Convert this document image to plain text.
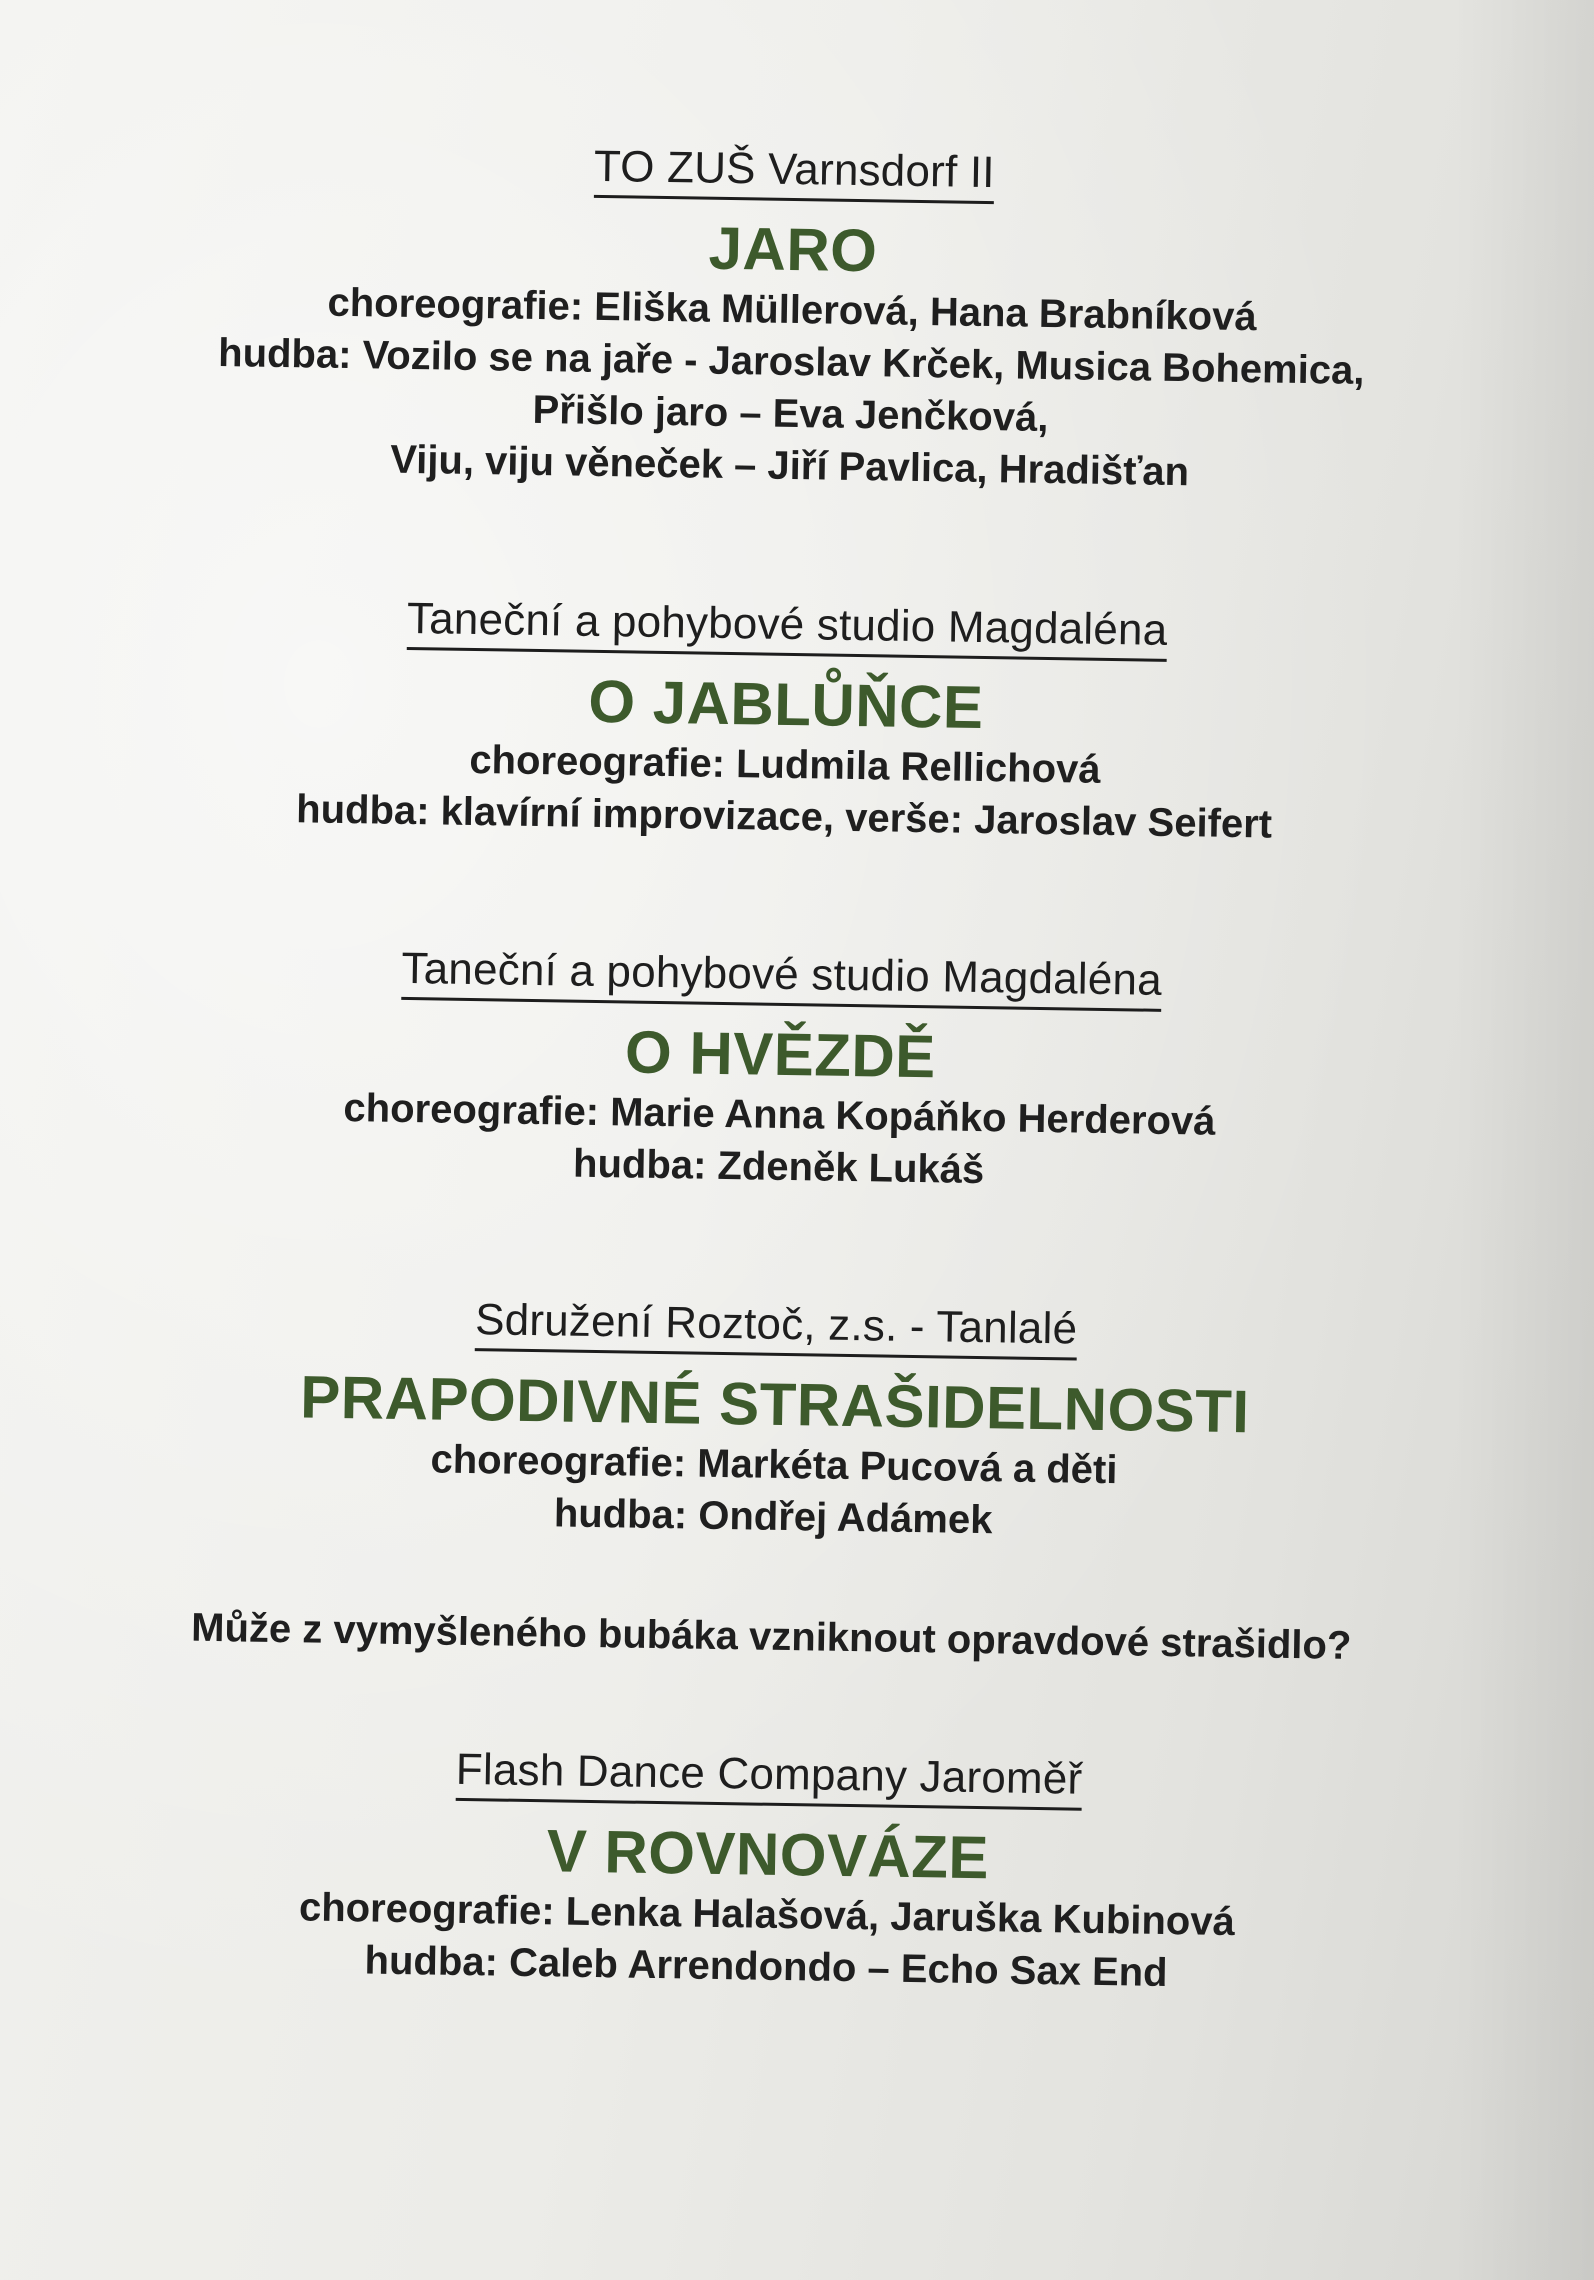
TO ZUŠ Varnsdorf II
JARO
choreografie: Eliška Müllerová, Hana Brabníková
hudba: Vozilo se na jaře - Jaroslav Krček, Musica Bohemica,
Přišlo jaro – Eva Jenčková,
Viju, viju věneček – Jiří Pavlica, Hradišťan
Taneční a pohybové studio Magdaléna
O JABLŮŇCE
choreografie: Ludmila Rellichová
hudba: klavírní improvizace, verše: Jaroslav Seifert
Taneční a pohybové studio Magdaléna
O HVĚZDĚ
choreografie: Marie Anna Kopáňko Herderová
hudba: Zdeněk Lukáš
Sdružení Roztoč, z.s. - Tanlalé
PRAPODIVNÉ STRAŠIDELNOSTI
choreografie: Markéta Pucová a děti
hudba: Ondřej Adámek
Může z vymyšleného bubáka vzniknout opravdové strašidlo?
Flash Dance Company Jaroměř
V ROVNOVÁZE
choreografie: Lenka Halašová, Jaruška Kubinová
hudba: Caleb Arrendondo – Echo Sax End
